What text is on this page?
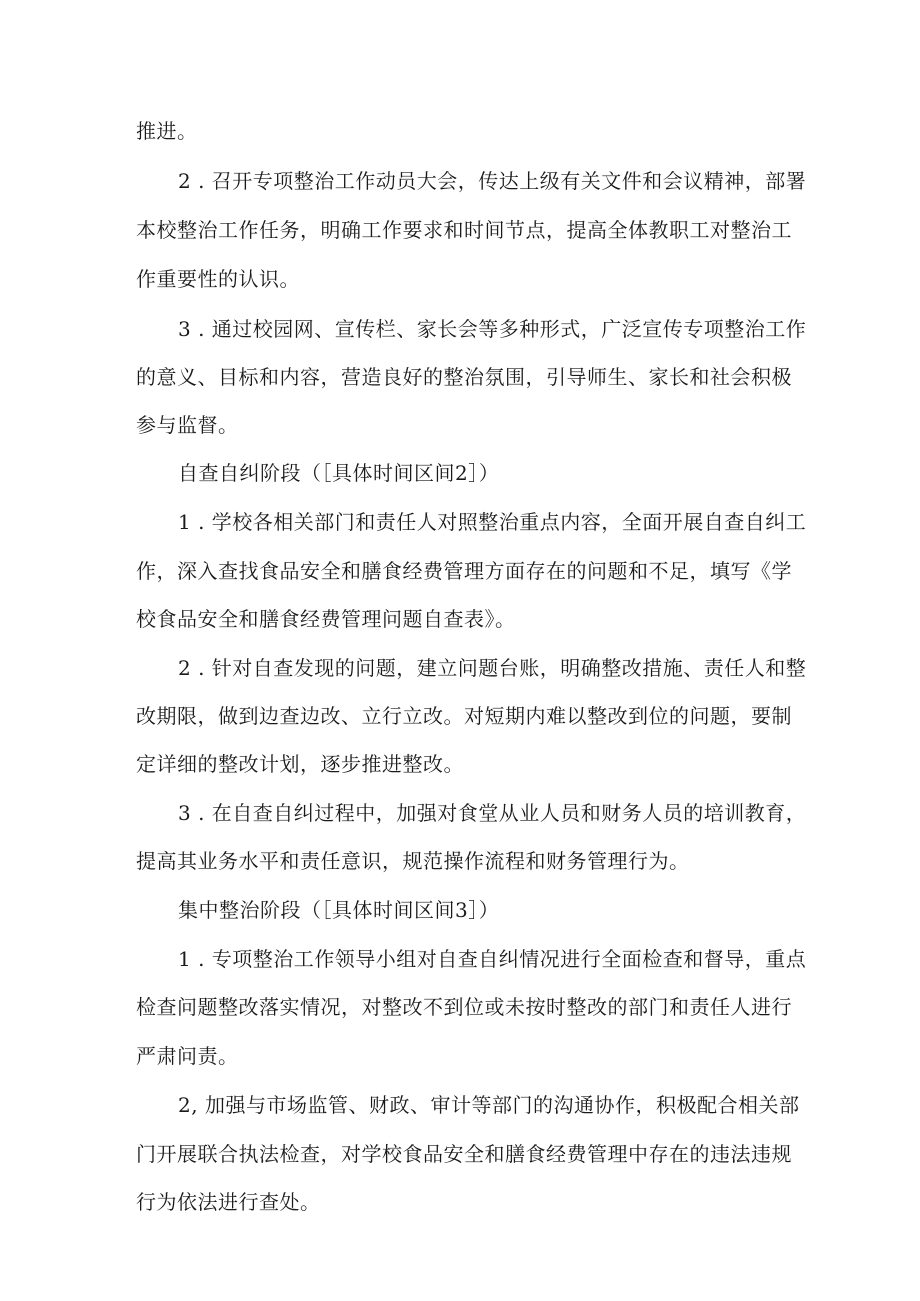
推进。
2 . 召开专项整治工作动员大会，传达上级有关文件和会议精神，部署
本校整治工作任务，明确工作要求和时间节点，提高全体教职工对整治工
作重要性的认识。
3 . 通过校园网、宣传栏、家长会等多种形式，广泛宣传专项整治工作
的意义、目标和内容，营造良好的整治氛围，引导师生、家长和社会积极
参与监督。
自查自纠阶段（［具体时间区间2］）
1 . 学校各相关部门和责任人对照整治重点内容，全面开展自查自纠工
作，深入查找食品安全和膳食经费管理方面存在的问题和不足，填写《学
校食品安全和膳食经费管理问题自查表》。
2 . 针对自查发现的问题，建立问题台账，明确整改措施、责任人和整
改期限，做到边查边改、立行立改。对短期内难以整改到位的问题，要制
定详细的整改计划，逐步推进整改。
3 . 在自查自纠过程中，加强对食堂从业人员和财务人员的培训教育，
提高其业务水平和责任意识，规范操作流程和财务管理行为。
集中整治阶段（［具体时间区间3］）
1 . 专项整治工作领导小组对自查自纠情况进行全面检查和督导，重点
检查问题整改落实情况，对整改不到位或未按时整改的部门和责任人进行
严肃问责。
2, 加强与市场监管、财政、审计等部门的沟通协作，积极配合相关部
门开展联合执法检查，对学校食品安全和膳食经费管理中存在的违法违规
行为依法进行查处。
